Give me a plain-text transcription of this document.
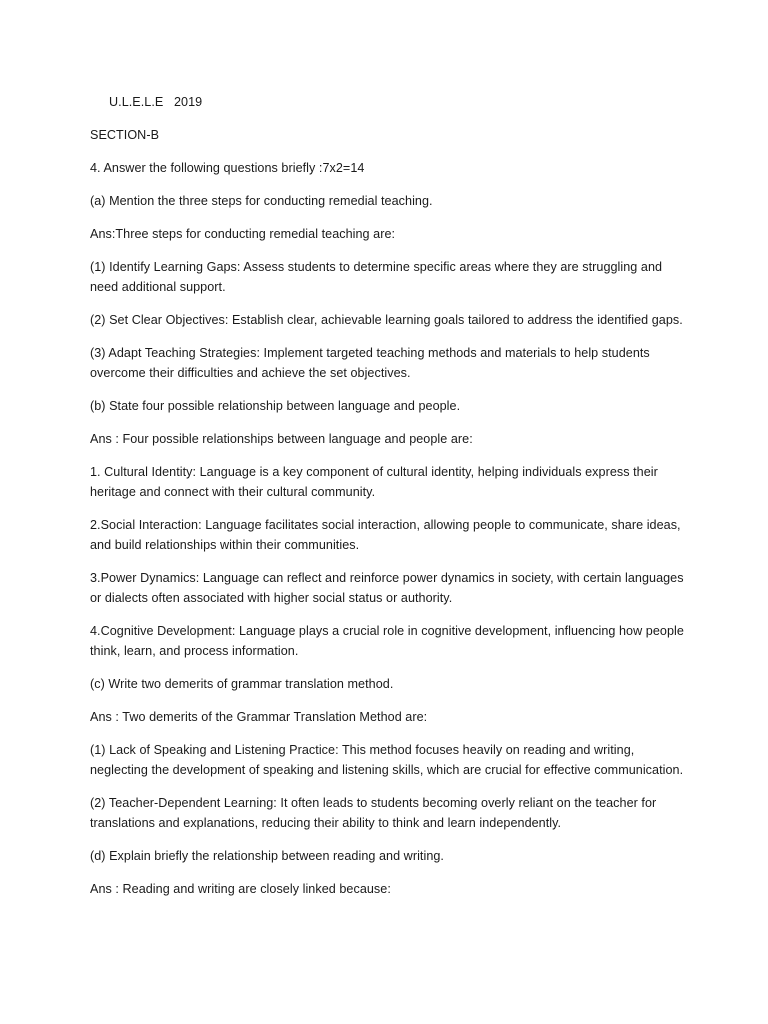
U.L.E.L.E   2019

SECTION-B

4. Answer the following questions briefly :7x2=14

(a) Mention the three steps for conducting remedial teaching.

Ans:Three steps for conducting remedial teaching are:

(1) Identify Learning Gaps: Assess students to determine specific areas where they are struggling and need additional support.

(2) Set Clear Objectives: Establish clear, achievable learning goals tailored to address the identified gaps.

(3) Adapt Teaching Strategies: Implement targeted teaching methods and materials to help students overcome their difficulties and achieve the set objectives.

(b) State four possible relationship between language and people.

Ans : Four possible relationships between language and people are:

1. Cultural Identity: Language is a key component of cultural identity, helping individuals express their heritage and connect with their cultural community.

2.Social Interaction: Language facilitates social interaction, allowing people to communicate, share ideas, and build relationships within their communities.

3.Power Dynamics: Language can reflect and reinforce power dynamics in society, with certain languages or dialects often associated with higher social status or authority.

4.Cognitive Development: Language plays a crucial role in cognitive development, influencing how people think, learn, and process information.

(c) Write two demerits of grammar translation method.

Ans : Two demerits of the Grammar Translation Method are:

(1) Lack of Speaking and Listening Practice: This method focuses heavily on reading and writing, neglecting the development of speaking and listening skills, which are crucial for effective communication.

(2) Teacher-Dependent Learning: It often leads to students becoming overly reliant on the teacher for translations and explanations, reducing their ability to think and learn independently.

(d) Explain briefly the relationship between reading and writing.

Ans : Reading and writing are closely linked because:
